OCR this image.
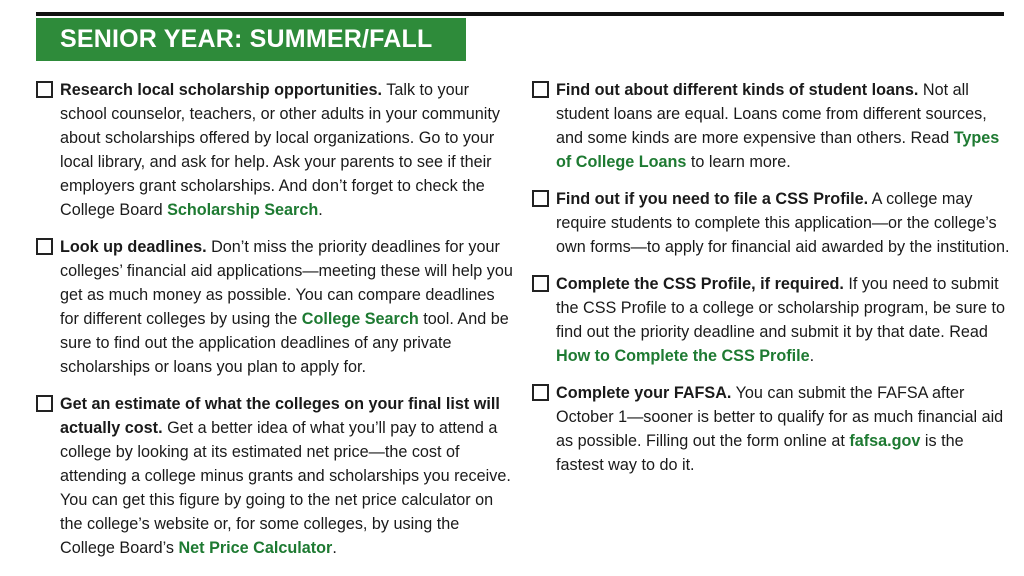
SENIOR YEAR: SUMMER/FALL
Research local scholarship opportunities. Talk to your school counselor, teachers, or other adults in your community about scholarships offered by local organizations. Go to your local library, and ask for help. Ask your parents to see if their employers grant scholarships. And don’t forget to check the College Board Scholarship Search.
Look up deadlines. Don’t miss the priority deadlines for your colleges’ financial aid applications—meeting these will help you get as much money as possible. You can compare deadlines for different colleges by using the College Search tool. And be sure to find out the application deadlines of any private scholarships or loans you plan to apply for.
Get an estimate of what the colleges on your final list will actually cost. Get a better idea of what you’ll pay to attend a college by looking at its estimated net price—the cost of attending a college minus grants and scholarships you receive. You can get this figure by going to the net price calculator on the college’s website or, for some colleges, by using the College Board’s Net Price Calculator.
Find out about different kinds of student loans. Not all student loans are equal. Loans come from different sources, and some kinds are more expensive than others. Read Types of College Loans to learn more.
Find out if you need to file a CSS Profile. A college may require students to complete this application—or the college’s own forms—to apply for financial aid awarded by the institution.
Complete the CSS Profile, if required. If you need to submit the CSS Profile to a college or scholarship program, be sure to find out the priority deadline and submit it by that date. Read How to Complete the CSS Profile.
Complete your FAFSA. You can submit the FAFSA after October 1—sooner is better to qualify for as much financial aid as possible. Filling out the form online at fafsa.gov is the fastest way to do it.
